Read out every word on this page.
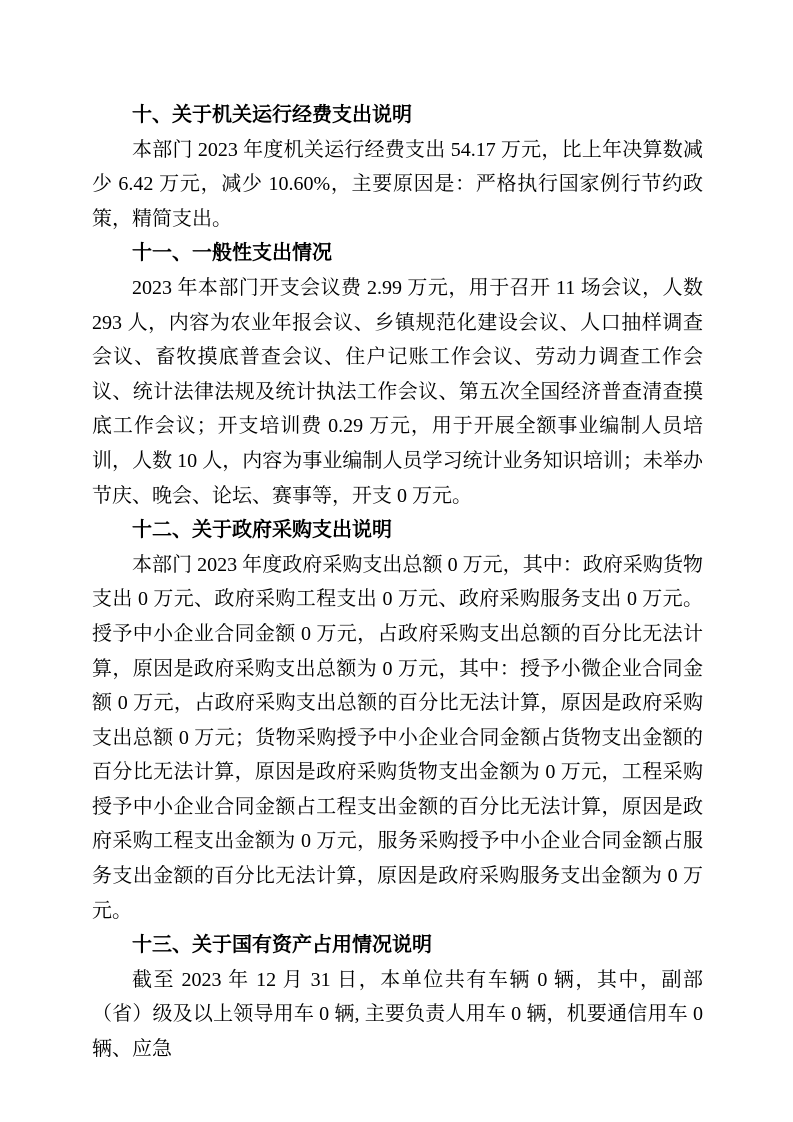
十、关于机关运行经费支出说明

本部门 2023 年度机关运行经费支出 54.17 万元，比上年决算数减少 6.42 万元，减少 10.60%，主要原因是：严格执行国家例行节约政策，精简支出。

十一、一般性支出情况

2023 年本部门开支会议费 2.99 万元，用于召开 11 场会议，人数 293 人，内容为农业年报会议、乡镇规范化建设会议、人口抽样调查会议、畜牧摸底普查会议、住户记账工作会议、劳动力调查工作会议、统计法律法规及统计执法工作会议、第五次全国经济普查清查摸底工作会议；开支培训费 0.29 万元，用于开展全额事业编制人员培训，人数 10 人，内容为事业编制人员学习统计业务知识培训；未举办节庆、晚会、论坛、赛事等，开支 0 万元。

十二、关于政府采购支出说明

本部门 2023 年度政府采购支出总额 0 万元，其中：政府采购货物支出 0 万元、政府采购工程支出 0 万元、政府采购服务支出 0 万元。授予中小企业合同金额 0 万元，占政府采购支出总额的百分比无法计算，原因是政府采购支出总额为 0 万元，其中：授予小微企业合同金额 0 万元，占政府采购支出总额的百分比无法计算，原因是政府采购支出总额 0 万元；货物采购授予中小企业合同金额占货物支出金额的百分比无法计算，原因是政府采购货物支出金额为 0 万元，工程采购授予中小企业合同金额占工程支出金额的百分比无法计算，原因是政府采购工程支出金额为 0 万元，服务采购授予中小企业合同金额占服务支出金额的百分比无法计算，原因是政府采购服务支出金额为 0 万元。

十三、关于国有资产占用情况说明

截至 2023 年 12 月 31 日，本单位共有车辆 0 辆，其中，副部（省）级及以上领导用车 0 辆, 主要负责人用车 0 辆，机要通信用车 0 辆、应急
